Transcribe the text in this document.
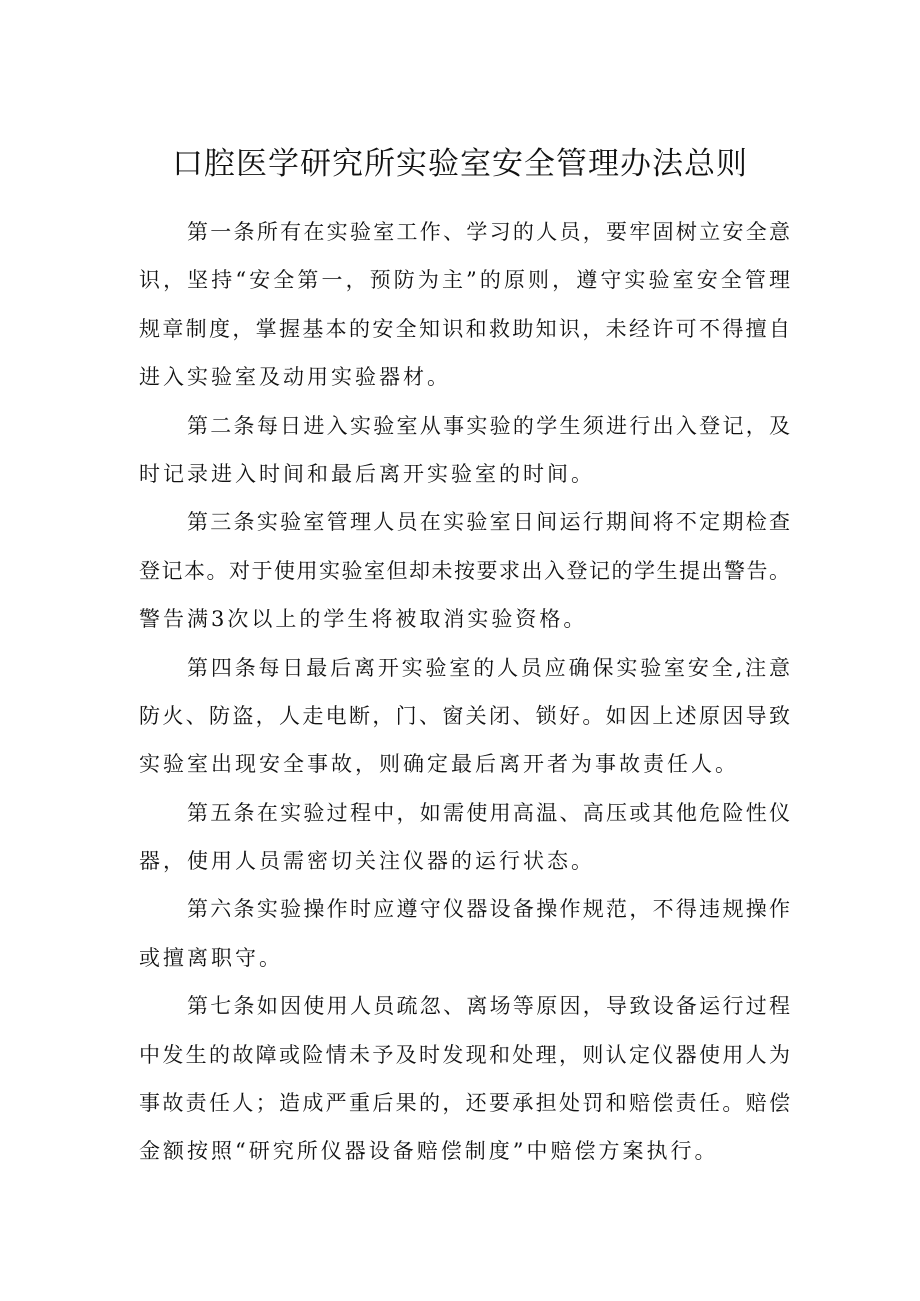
口腔医学研究所实验室安全管理办法总则
第一条所有在实验室工作、学习的人员，要牢固树立安全意
识，坚持“安全第一，预防为主”的原则，遵守实验室安全管理
规章制度，掌握基本的安全知识和救助知识，未经许可不得擅自
进入实验室及动用实验器材。
第二条每日进入实验室从事实验的学生须进行出入登记，及
时记录进入时间和最后离开实验室的时间。
第三条实验室管理人员在实验室日间运行期间将不定期检查
登记本。对于使用实验室但却未按要求出入登记的学生提出警告。
警告满3次以上的学生将被取消实验资格。
第四条每日最后离开实验室的人员应确保实验室安全,注意
防火、防盗，人走电断，门、窗关闭、锁好。如因上述原因导致
实验室出现安全事故，则确定最后离开者为事故责任人。
第五条在实验过程中，如需使用高温、高压或其他危险性仪
器，使用人员需密切关注仪器的运行状态。
第六条实验操作时应遵守仪器设备操作规范，不得违规操作
或擅离职守。
第七条如因使用人员疏忽、离场等原因，导致设备运行过程
中发生的故障或险情未予及时发现和处理，则认定仪器使用人为
事故责任人；造成严重后果的，还要承担处罚和赔偿责任。赔偿
金额按照“研究所仪器设备赔偿制度”中赔偿方案执行。
